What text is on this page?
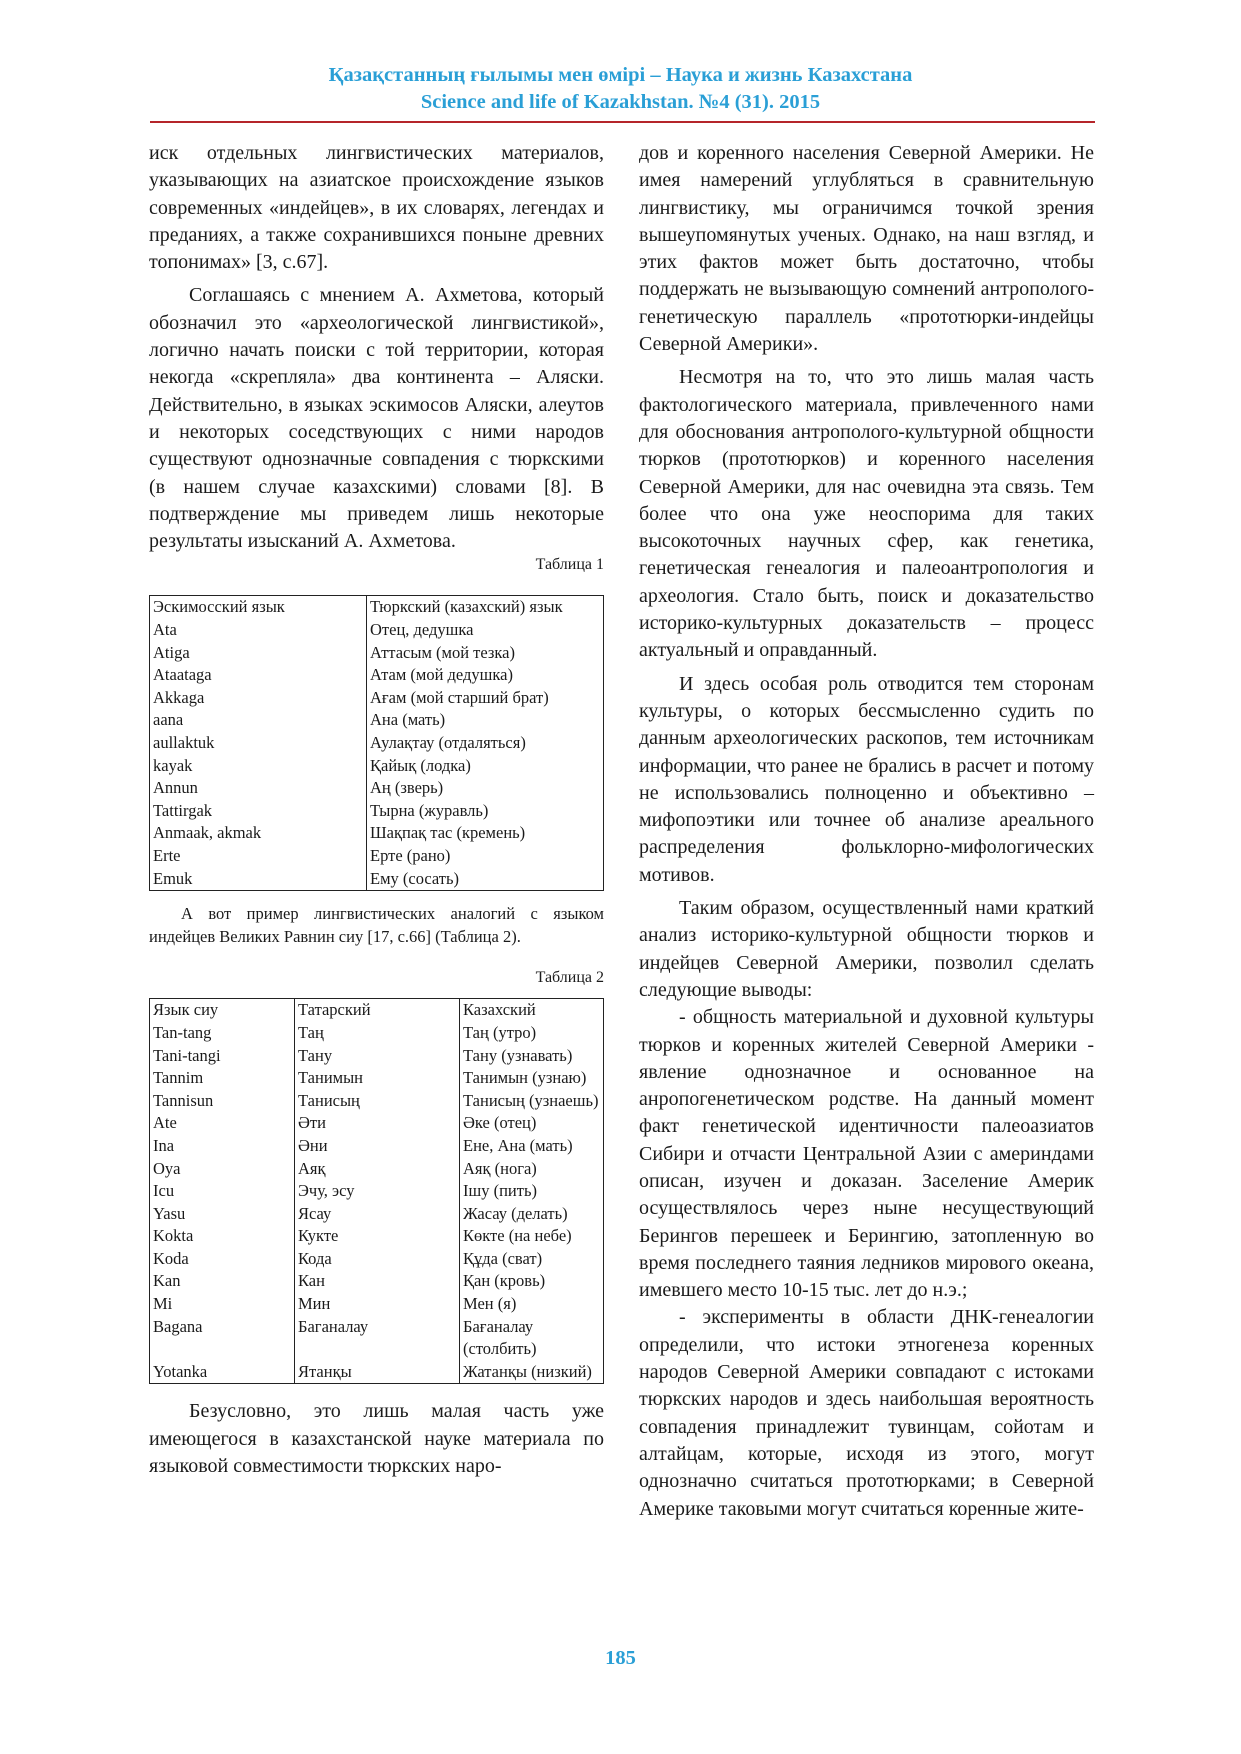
Қазақстанның ғылымы мен өмірі – Наука и жизнь Казахстана
Science and life of Kazakhstan. №4 (31). 2015

иск отдельных лингвистических материалов, указывающих на азиатское происхождение языков современных «индейцев», в их словарях, легендах и преданиях, а также сохранившихся поныне древних топонимах» [3, с.67].

Соглашаясь с мнением А. Ахметова, который обозначил это «археологической лингвистикой», логично начать поиски с той территории, которая некогда «скрепляла» два континента – Аляски. Действительно, в языках эскимосов Аляски, алеутов и некоторых соседствующих с ними народов существуют однозначные совпадения с тюркскими (в нашем случае казахскими) словами [8]. В подтверждение мы приведем лишь некоторые результаты изысканий А. Ахметова.

Таблица 1

Эскимосский язык	Тюркский (казахский) язык
Ata	Отец, дедушка
Atiga	Аттасым (мой тезка)
Ataataga	Атам (мой дедушка)
Akkaga	Ағам (мой старший брат)
aana	Ана (мать)
aullaktuk	Аулақтау (отдаляться)
kayak	Қайық (лодка)
Annun	Аң (зверь)
Tattirgak	Тырна (журавль)
Anmaak, akmak	Шақпақ тас (кремень)
Erte	Ерте (рано)
Emuk	Ему (сосать)

А вот пример лингвистических аналогий с языком индейцев Великих Равнин сиу [17, с.66] (Таблица 2).

Таблица 2

Язык сиу	Татарский	Казахский
Tan-tang	Таң	Таң (утро)
Tani-tangi	Тану	Тану (узнавать)
Tannim	Танимын	Танимын (узнаю)
Tannisun	Танисың	Танисың (узнаешь)
Ate	Әти	Әке (отец)
Ina	Әни	Ене, Ана (мать)
Oya	Аяқ	Аяқ (нога)
Icu	Эчу, эсу	Ішу (пить)
Yasu	Ясау	Жасау (делать)
Kokta	Кукте	Көкте (на небе)
Koda	Кода	Құда (сват)
Kan	Кан	Қан (кровь)
Mi	Мин	Мен (я)
Bagana	Баганалау	Бағаналау (столбить)
Yotanka	Ятанқы	Жатанқы (низкий)

Безусловно, это лишь малая часть уже имеющегося в казахстанской науке материала по языковой совместимости тюркских наро-

дов и коренного населения Северной Америки. Не имея намерений углубляться в сравнительную лингвистику, мы ограничимся точкой зрения вышеупомянутых ученых. Однако, на наш взгляд, и этих фактов может быть достаточно, чтобы поддержать не вызывающую сомнений антрополого-генетическую параллель «прототюрки-индейцы Северной Америки».

Несмотря на то, что это лишь малая часть фактологического материала, привлеченного нами для обоснования антрополого-культурной общности тюрков (прототюрков) и коренного населения Северной Америки, для нас очевидна эта связь. Тем более что она уже неоспорима для таких высокоточных научных сфер, как генетика, генетическая генеалогия и палеоантропология и археология. Стало быть, поиск и доказательство историко-культурных доказательств – процесс актуальный и оправданный.

И здесь особая роль отводится тем сторонам культуры, о которых бессмысленно судить по данным археологических раскопов, тем источникам информации, что ранее не брались в расчет и потому не использовались полноценно и объективно – мифопоэтики или точнее об анализе ареального распределения фольклорно-мифологических мотивов.

Таким образом, осуществленный нами краткий анализ историко-культурной общности тюрков и индейцев Северной Америки, позволил сделать следующие выводы:

- общность материальной и духовной культуры тюрков и коренных жителей Северной Америки - явление однозначное и основанное на анропогенетическом родстве. На данный момент факт генетической идентичности палеоазиатов Сибири и отчасти Центральной Азии с америндами описан, изучен и доказан. Заселение Америк осуществлялось через ныне несуществующий Берингов перешеек и Берингию, затопленную во время последнего таяния ледников мирового океана, имевшего место 10-15 тыс. лет до н.э.;

- эксперименты в области ДНК-генеалогии определили, что истоки этногенеза коренных народов Северной Америки совпадают с истоками тюркских народов и здесь наибольшая вероятность совпадения принадлежит тувинцам, сойотам и алтайцам, которые, исходя из этого, могут однозначно считаться прототюрками; в Северной Америке таковыми могут считаться коренные жите-

185
